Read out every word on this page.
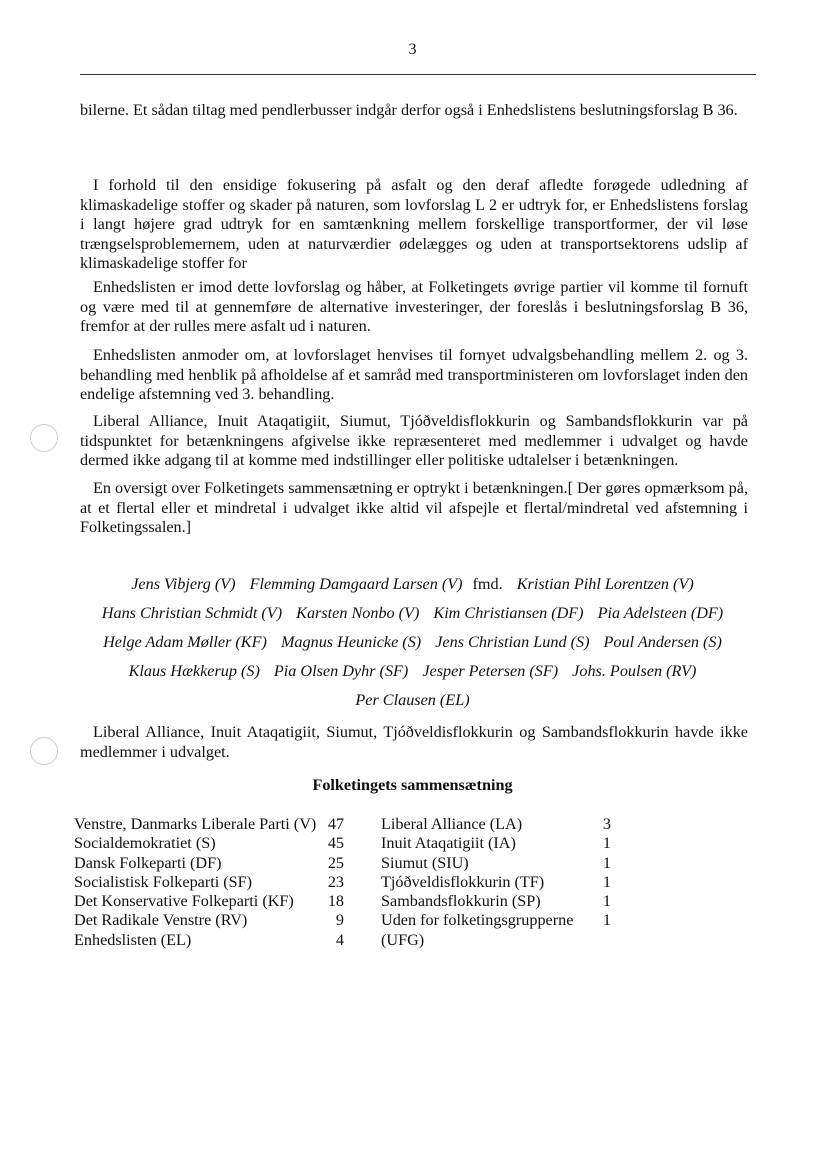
3

bilerne. Et sådan tiltag med pendlerbusser indgår derfor også i Enhedslistens beslutningsforslag B 36.

I forhold til den ensidige fokusering på asfalt og den deraf afledte forøgede udledning af klimaskadelige stoffer og skader på naturen, som lovforslag L 2 er udtryk for, er Enhedslistens forslag i langt højere grad udtryk for en samtænkning mellem forskellige transportformer, der vil løse trængselsproblemernem, uden at naturværdier ødelægges og uden at transportsektorens udslip af klimaskadelige stoffer for

Enhedslisten er imod dette lovforslag og håber, at Folketingets øvrige partier vil komme til fornuft og være med til at gennemføre de alternative investeringer, der foreslås i beslutningsforslag B 36, fremfor at der rulles mere asfalt ud i naturen.

Enhedslisten anmoder om, at lovforslaget henvises til fornyet udvalgsbehandling mellem 2. og 3. behandling med henblik på afholdelse af et samråd med transportministeren om lovforslaget inden den endelige afstemning ved 3. behandling.

Liberal Alliance, Inuit Ataqatigiit, Siumut, Tjóðveldisflokkurin og Sambandsflokkurin var på tidspunktet for betænkningens afgivelse ikke repræsenteret med medlemmer i udvalget og havde dermed ikke adgang til at komme med indstillinger eller politiske udtalelser i betænkningen.

En oversigt over Folketingets sammensætning er optrykt i betænkningen.[ Der gøres opmærksom på, at et flertal eller et mindretal i udvalget ikke altid vil afspejle et flertal/mindretal ved afstemning i Folketingssalen.]

Jens Vibjerg (V) Flemming Damgaard Larsen (V) fmd. Kristian Pihl Lorentzen (V)
Hans Christian Schmidt (V) Karsten Nonbo (V) Kim Christiansen (DF) Pia Adelsteen (DF)
Helge Adam Møller (KF) Magnus Heunicke (S) Jens Christian Lund (S) Poul Andersen (S)
Klaus Hækkerup (S) Pia Olsen Dyhr (SF) Jesper Petersen (SF) Johs. Poulsen (RV)
Per Clausen (EL)

Liberal Alliance, Inuit Ataqatigiit, Siumut, Tjóðveldisflokkurin og Sambandsflokkurin havde ikke medlemmer i udvalget.

Folketingets sammensætning
Venstre, Danmarks Liberale Parti (V) 47
Socialdemokratiet (S)	45
Dansk Folkeparti (DF)	25
Socialistisk Folkeparti (SF)	23
Det Konservative Folkeparti (KF)	18
Det Radikale Venstre (RV)	9
Enhedslisten (EL)	4
Liberal Alliance (LA)	3
Inuit Ataqatigiit (IA)	1
Siumut (SIU)	1
Tjóðveldisflokkurin (TF)	1
Sambandsflokkurin (SP)	1
Uden for folketingsgrupperne	1
(UFG)
